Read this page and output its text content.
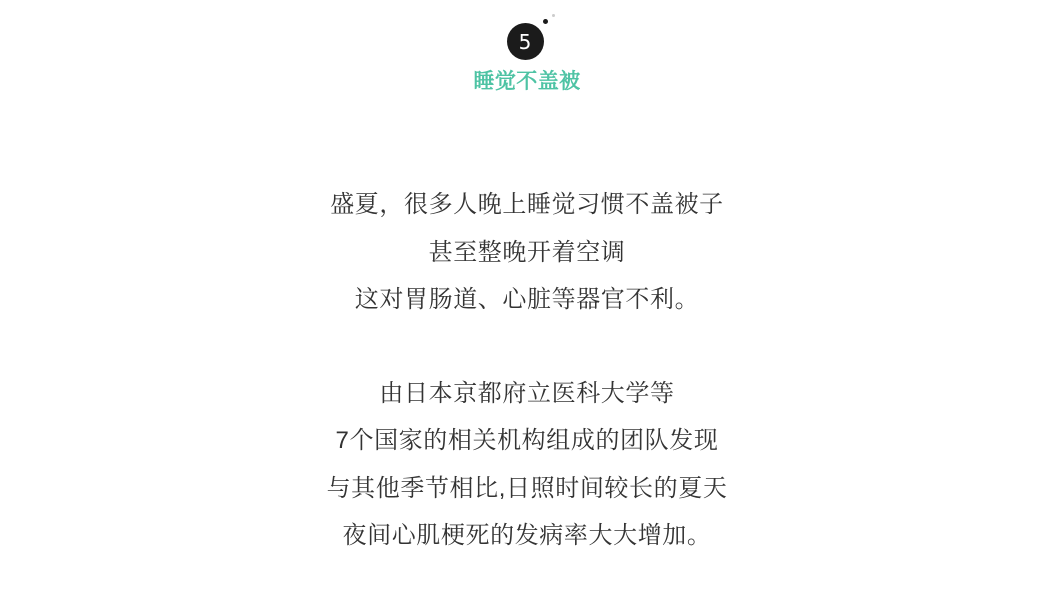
5
睡觉不盖被
盛夏，很多人晚上睡觉习惯不盖被子
甚至整晚开着空调
这对胃肠道、心脏等器官不利。
由日本京都府立医科大学等
7个国家的相关机构组成的团队发现
与其他季节相比,日照时间较长的夏天
夜间心肌梗死的发病率大大增加。
